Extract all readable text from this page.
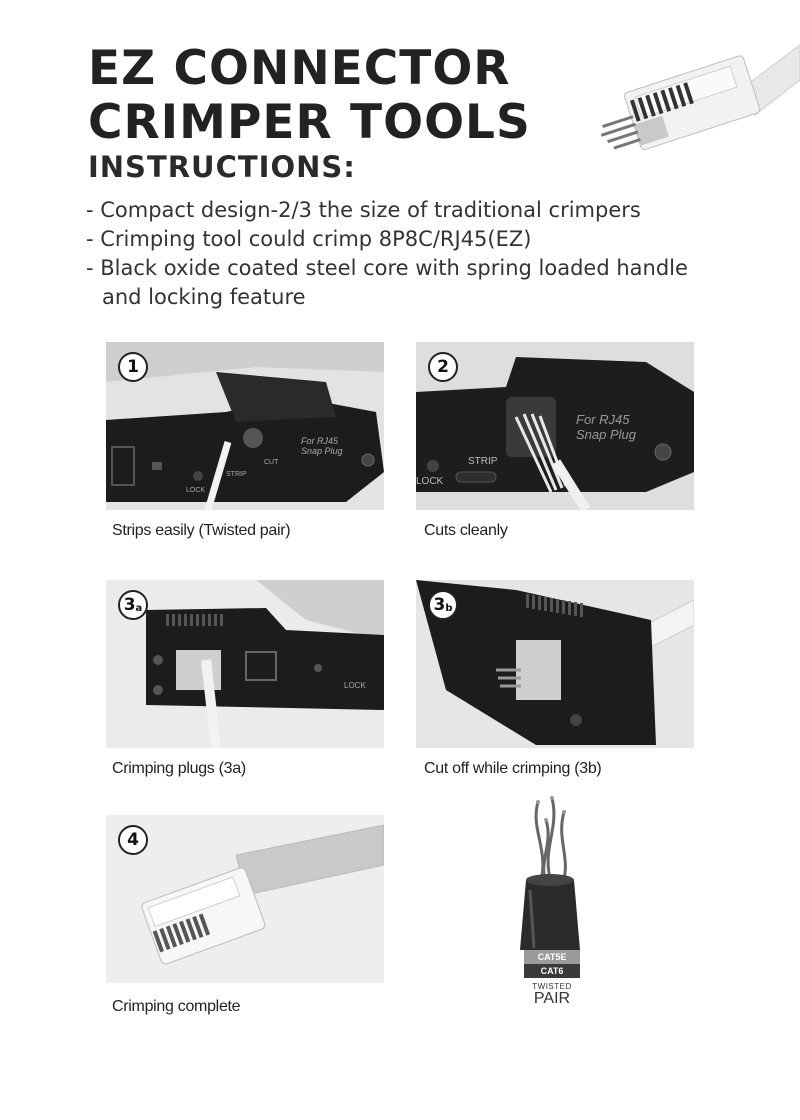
EZ CONNECTOR
CRIMPER TOOLS
INSTRUCTIONS:
- Compact design-2/3 the size of traditional crimpers
- Crimping tool could crimp 8P8C/RJ45(EZ)
- Black oxide coated steel core with spring loaded handle and locking feature
For RJ45
Snap Plug
LOCK
STRIP
CUT
1
Strips easily (Twisted pair)
For RJ45
Snap Plug
LOCK
STRIP
2
Cuts cleanly
LOCK
$3_a$
Crimping plugs (3a)
$3_b$
Cut off while crimping (3b)
4
Crimping complete
CAT5E
CAT6
TWISTED
PAIR
